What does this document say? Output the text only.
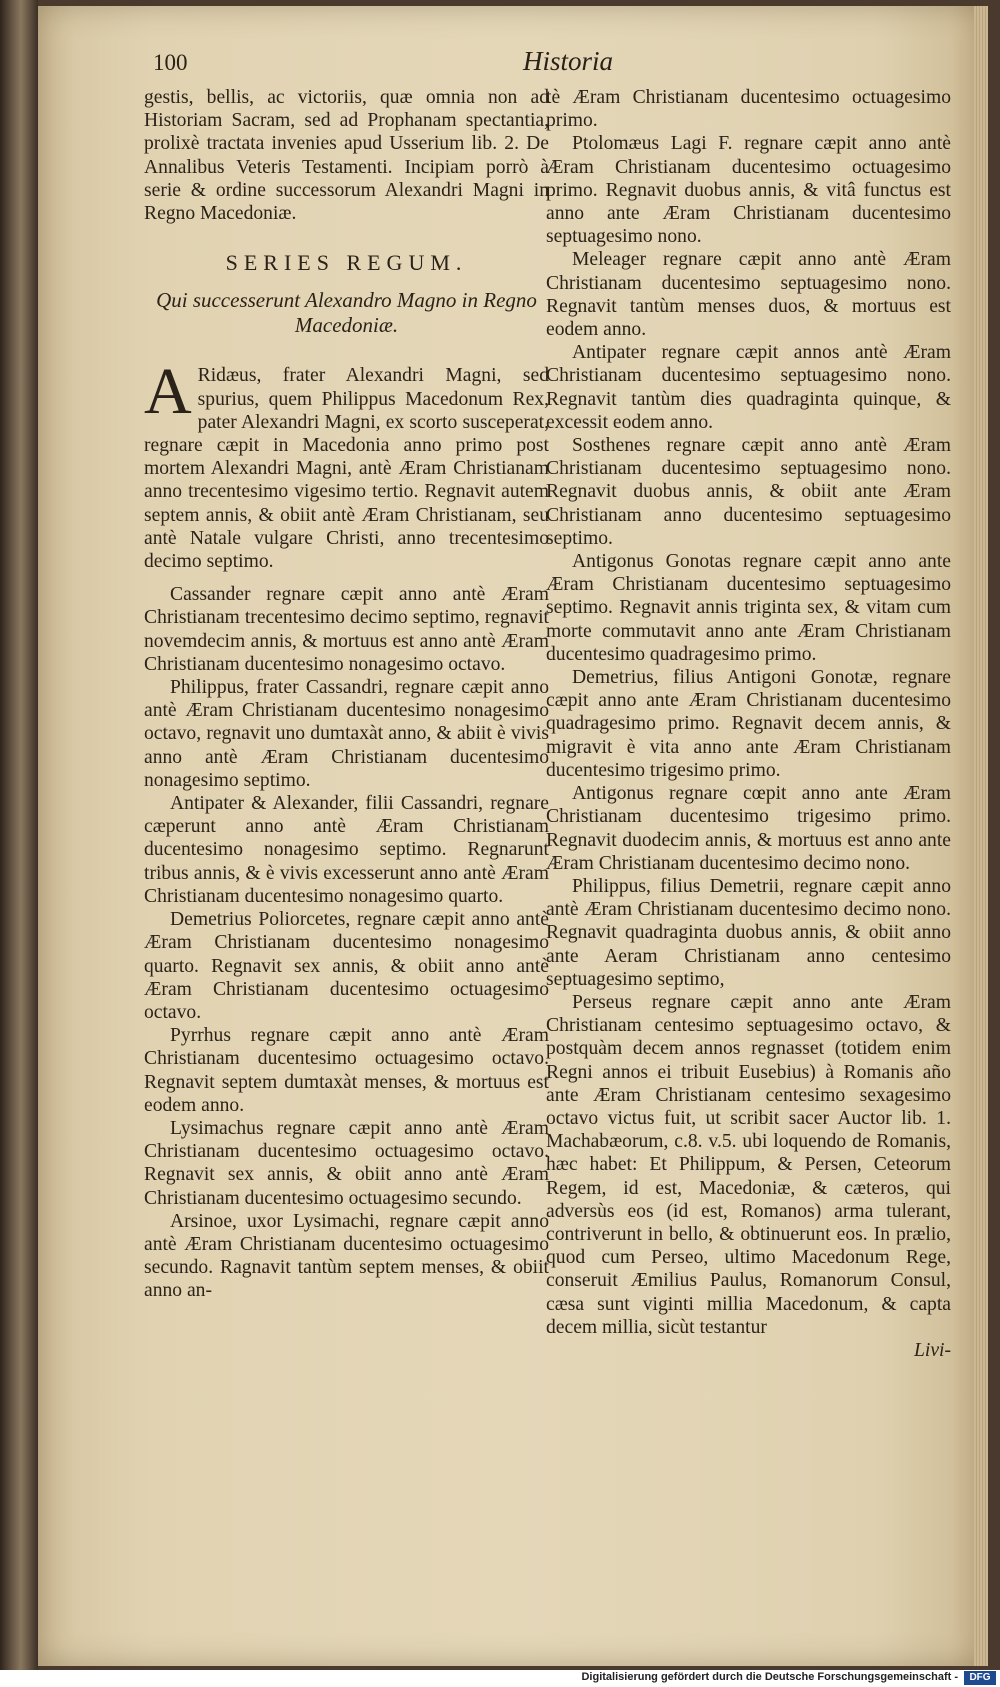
100	Historia

gestis, bellis, ac victoriis, quæ omnia non ad Historiam Sacram, sed ad Prophanam spectantia, prolixè tractata invenies apud Usserium lib. 2. De Annalibus Veteris Testamenti. Incipiam porrò à serie & ordine successorum Alexandri Magni in Regno Macedoniæ.

SERIES REGUM.

Qui successerunt Alexandro Magno in Regno Macedoniæ.

A Ridæus, frater Alexandri Magni, sed spurius, quem Philippus Macedonum Rex, pater Alexandri Magni, ex scorto susceperat, regnare cæpit in Macedonia anno primo post mortem Alexandri Magni, antè Æram Christianam anno trecentesimo vigesimo tertio. Regnavit autem septem annis, & obiit antè Æram Christianam, seu antè Natale vulgare Christi, anno trecentesimo decimo septimo.

Cassander regnare cæpit anno antè Æram Christianam trecentesimo decimo septimo, regnavit novemdecim annis, & mortuus est anno antè Æram Christianam ducentesimo nonagesimo octavo.

Philippus, frater Cassandri, regnare cæpit anno antè Æram Christianam ducentesimo nonagesimo octavo, regnavit uno dumtaxàt anno, & abiit è vivis anno antè Æram Christianam ducentesimo nonagesimo septimo.

Antipater & Alexander, filii Cassandri, regnare cæperunt anno antè Æram Christianam ducentesimo nonagesimo septimo. Regnarunt tribus annis, & è vivis excesserunt anno antè Æram Christianam ducentesimo nonagesimo quarto.

Demetrius Poliorcetes, regnare cæpit anno antè Æram Christianam ducentesimo nonagesimo quarto. Regnavit sex annis, & obiit anno antè Æram Christianam ducentesimo octuagesimo octavo.

Pyrrhus regnare cæpit anno antè Æram Christianam ducentesimo octuagesimo octavo. Regnavit septem dumtaxàt menses, & mortuus est eodem anno.

Lysimachus regnare cæpit anno antè Æram Christianam ducentesimo octuagesimo octavo. Regnavit sex annis, & obiit anno antè Æram Christianam ducentesimo octuagesimo secundo.

Arsinoe, uxor Lysimachi, regnare cæpit anno antè Æram Christianam ducentesimo octuagesimo secundo. Ragnavit tantùm septem menses, & obiit anno an-

tè Æram Christianam ducentesimo octuagesimo primo.

Ptolomæus Lagi F. regnare cæpit anno antè Æram Christianam ducentesimo octuagesimo primo. Regnavit duobus annis, & vitâ functus est anno ante Æram Christianam ducentesimo septuagesimo nono.

Meleager regnare cæpit anno antè Æram Christianam ducentesimo septuagesimo nono. Regnavit tantùm menses duos, & mortuus est eodem anno.

Antipater regnare cæpit annos antè Æram Christianam ducentesimo septuagesimo nono. Regnavit tantùm dies quadraginta quinque, & excessit eodem anno.

Sosthenes regnare cæpit anno antè Æram Christianam ducentesimo septuagesimo nono. Regnavit duobus annis, & obiit ante Æram Christianam anno ducentesimo septuagesimo septimo.

Antigonus Gonotas regnare cæpit anno ante Æram Christianam ducentesimo septuagesimo septimo. Regnavit annis triginta sex, & vitam cum morte commutavit anno ante Æram Christianam ducentesimo quadragesimo primo.

Demetrius, filius Antigoni Gonotæ, regnare cæpit anno ante Æram Christianam ducentesimo quadragesimo primo. Regnavit decem annis, & migravit è vita anno ante Æram Christianam ducentesimo trigesimo primo.

Antigonus regnare cœpit anno ante Æram Christianam ducentesimo trigesimo primo. Regnavit duodecim annis, & mortuus est anno ante Æram Christianam ducentesimo decimo nono.

Philippus, filius Demetrii, regnare cæpit anno antè Æram Christianam ducentesimo decimo nono. Regnavit quadraginta duobus annis, & obiit anno ante Aeram Christianam anno centesimo septuagesimo septimo,

Perseus regnare cæpit anno ante Æram Christianam centesimo septuagesimo octavo, & postquàm decem annos regnasset (totidem enim Regni annos ei tribuit Eusebius) à Romanis año ante Æram Christianam centesimo sexagesimo octavo victus fuit, ut scribit sacer Auctor lib. 1. Machabæorum, c.8. v.5. ubi loquendo de Romanis, hæc habet: Et Philippum, & Persen, Ceteorum Regem, id est, Macedoniæ, & cæteros, qui adversùs eos (id est, Romanos) arma tulerant, contriverunt in bello, & obtinuerunt eos. In prælio, quod cum Perseo, ultimo Macedonum Rege, conseruit Æmilius Paulus, Romanorum Consul, cæsa sunt viginti millia Macedonum, & capta decem millia, sicùt testantur

Livi-

Digitalisierung gefördert durch die Deutsche Forschungsgemeinschaft -	DFG
